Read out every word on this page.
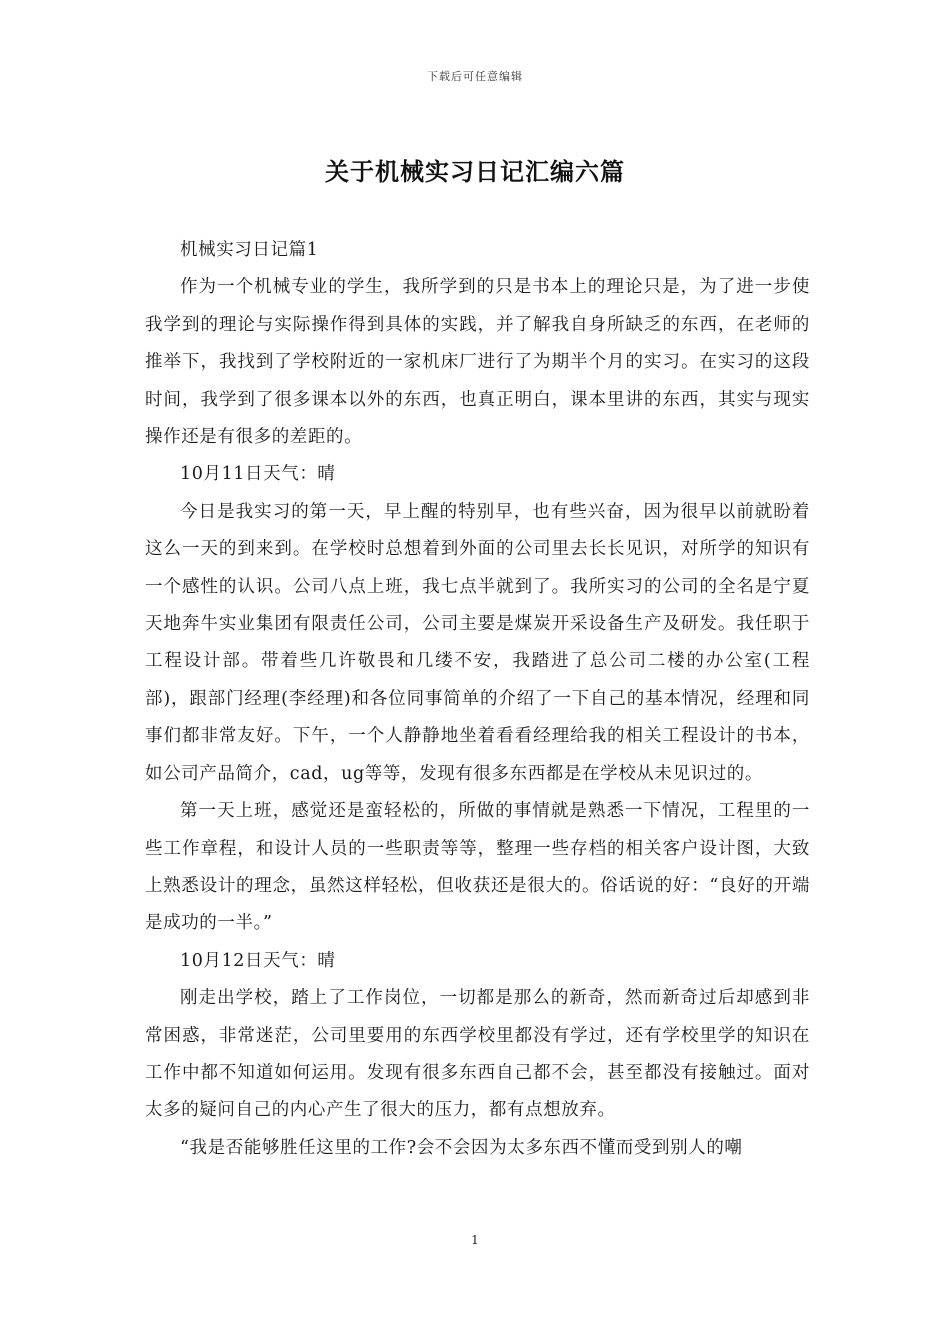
下载后可任意编辑
关于机械实习日记汇编六篇

机械实习日记篇1

作为一个机械专业的学生，我所学到的只是书本上的理论只是，为了进一步使我学到的理论与实际操作得到具体的实践，并了解我自身所缺乏的东西，在老师的推举下，我找到了学校附近的一家机床厂进行了为期半个月的实习。在实习的这段时间，我学到了很多课本以外的东西，也真正明白，课本里讲的东西，其实与现实操作还是有很多的差距的。

10月11日天气：晴

今日是我实习的第一天，早上醒的特别早，也有些兴奋，因为很早以前就盼着这么一天的到来到。在学校时总想着到外面的公司里去长长见识，对所学的知识有一个感性的认识。公司八点上班，我七点半就到了。我所实习的公司的全名是宁夏天地奔牛实业集团有限责任公司，公司主要是煤炭开采设备生产及研发。我任职于工程设计部。带着些几许敬畏和几缕不安，我踏进了总公司二楼的办公室(工程部)，跟部门经理(李经理)和各位同事简单的介绍了一下自己的基本情况，经理和同事们都非常友好。下午，一个人静静地坐着看看经理给我的相关工程设计的书本，如公司产品简介，cad，ug等等，发现有很多东西都是在学校从未见识过的。

第一天上班，感觉还是蛮轻松的，所做的事情就是熟悉一下情况，工程里的一些工作章程，和设计人员的一些职责等等，整理一些存档的相关客户设计图，大致上熟悉设计的理念，虽然这样轻松，但收获还是很大的。俗话说的好：“良好的开端是成功的一半。”

10月12日天气：晴

刚走出学校，踏上了工作岗位，一切都是那么的新奇，然而新奇过后却感到非常困惑，非常迷茫，公司里要用的东西学校里都没有学过，还有学校里学的知识在工作中都不知道如何运用。发现有很多东西自己都不会，甚至都没有接触过。面对太多的疑问自己的内心产生了很大的压力，都有点想放弃。

“我是否能够胜任这里的工作?会不会因为太多东西不懂而受到别人的嘲

1
